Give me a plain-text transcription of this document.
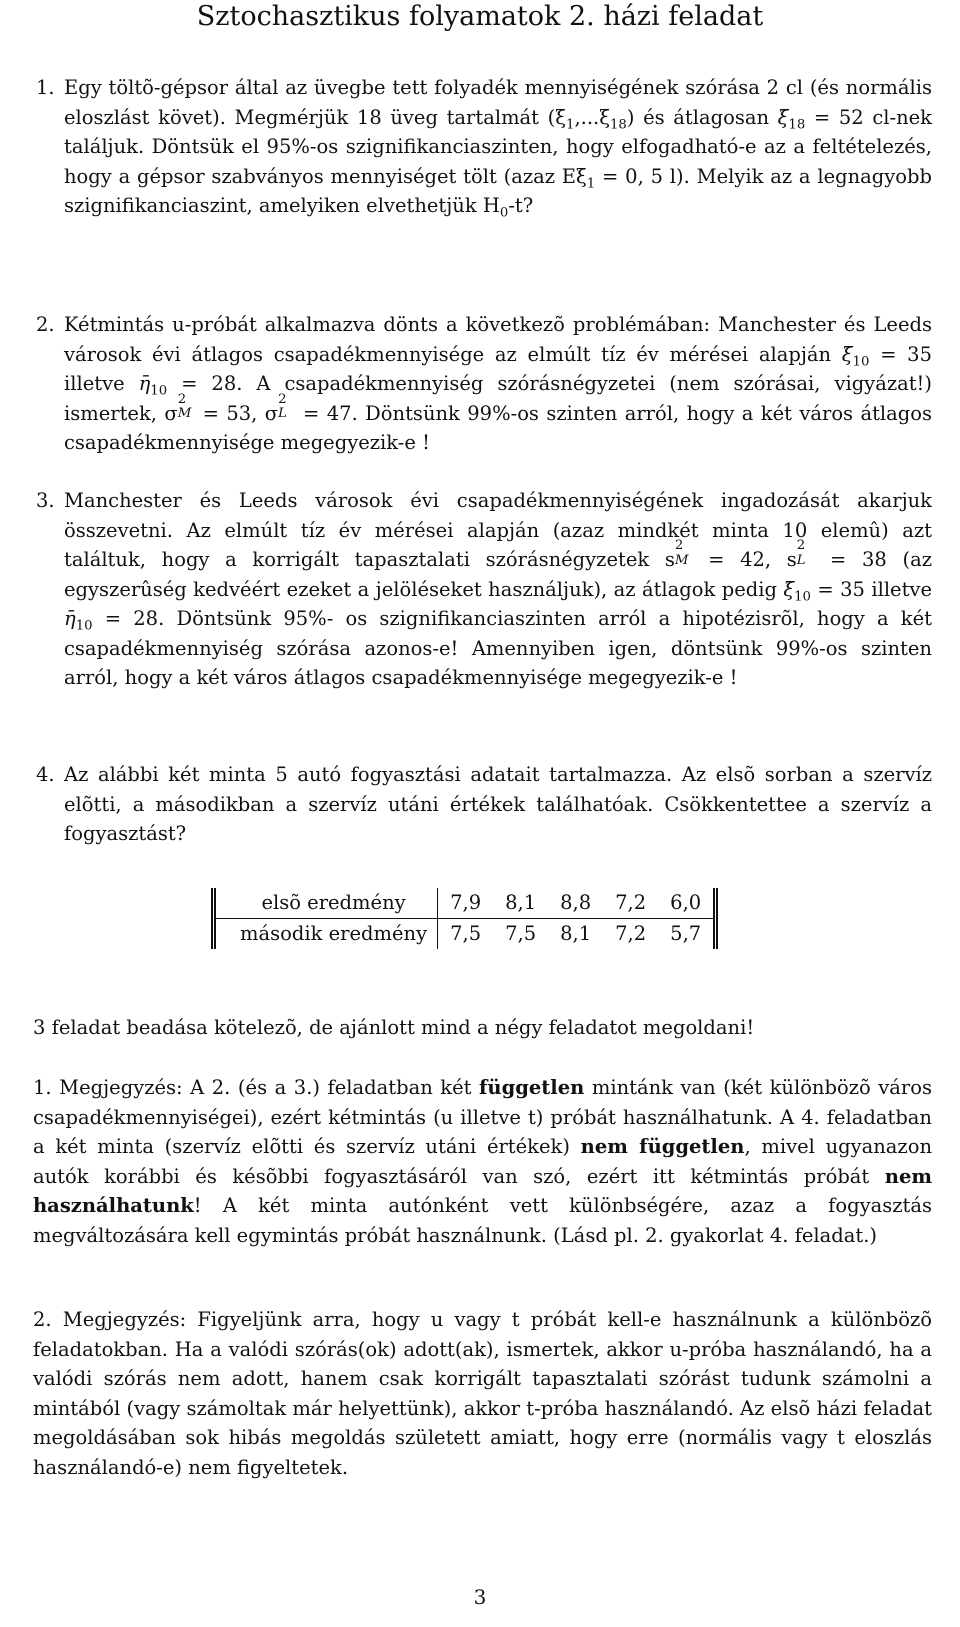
Sztochasztikus folyamatok 2. házi feladat
1. Egy töltõ-gépsor által az üvegbe tett folyadék mennyiségének szórása 2 cl (és normális eloszlást követ). Megmérjük 18 üveg tartalmát $(\xi_1,...\xi_{18})$ és átlagosan $\xī_{18} = 52$ cl-nek találjuk. Döntsük el 95%-os szignifikanciaszinten, hogy elfogadható-e az a feltételezés, hogy a gépsor szabványos mennyiséget tölt (azaz $E\xi_1 = 0$, 5 l). Melyik az a legnagyobb szignifikanciaszint, amelyiken elvethetjük $H_0-t$?
2. Kétmintás u-próbát alkalmazva dönts a következõ problémában: Manchester és Leeds városok évi átlagos csapadékmennyisége az elmúlt tíz év mérései alapján $\xī_{10} = 35$ illetve $\etā_{10} = 28$. A csapadékmennyiség szórásnégyzetei (nem szórásai, vigyázat!) ismertek, σ
2
M = 53, σ
2
L = 47. Döntsünk 99%-os szinten arról, hogy a két város átlagos csapadékmennyisége megegyezik-e !
3. Manchester és Leeds városok évi csapadékmennyiségének ingadozását akarjuk összevetni. Az elmúlt tíz év mérései alapján (azaz mindkét minta 10 elemû) azt találtuk, hogy a korrigált tapasztalati szórásnégyzetek s
2
M = 42, s
2
L = 38 (az egyszerûség kedvéért ezeket a jelöléseket használjuk), az átlagok pedig $\xī_{10} = 35$ illetve $\etā_{10} = 28$. Döntsünk 95%- os szignifikanciaszinten arról a hipotézisrõl, hogy a két csapadékmennyiség szórása azonos-e! Amennyiben igen, döntsünk 99%-os szinten arról, hogy a két város átlagos csapadékmennyisége megegyezik-e !
4. Az alábbi két minta 5 autó fogyasztási adatait tartalmazza. Az elsõ sorban a szervíz elõtti, a másodikban a szervíz utáni értékek találhatóak. Csökkentettee a szervíz a fogyasztást?
elsõ eredmény	7,9	8,1	8,8	7,2	6,0
második eredmény	7,5	7,5	8,1	7,2	5,7
3 feladat beadása kötelezõ, de ajánlott mind a négy feladatot megoldani!
1. Megjegyzés: A 2. (és a 3.) feladatban két független mintánk van (két különbözõ város csapadékmennyiségei), ezért kétmintás (u illetve t) próbát használhatunk. A 4. feladatban a két minta (szervíz elõtti és szervíz utáni értékek) nem független, mivel ugyanazon autók korábbi és késõbbi fogyasztásáról van szó, ezért itt kétmintás próbát nem használhatunk! A két minta autónként vett különbségére, azaz a fogyasztás megváltozására kell egymintás próbát használnunk. (Lásd pl. 2. gyakorlat 4. feladat.)
2. Megjegyzés: Figyeljünk arra, hogy u vagy t próbát kell-e használnunk a különbözõ feladatokban. Ha a valódi szórás(ok) adott(ak), ismertek, akkor u-próba használandó, ha a valódi szórás nem adott, hanem csak korrigált tapasztalati szórást tudunk számolni a mintából (vagy számoltak már helyettünk), akkor t-próba használandó. Az elsõ házi feladat megoldásában sok hibás megoldás született amiatt, hogy erre (normális vagy t eloszlás használandó-e) nem figyeltetek.
3
